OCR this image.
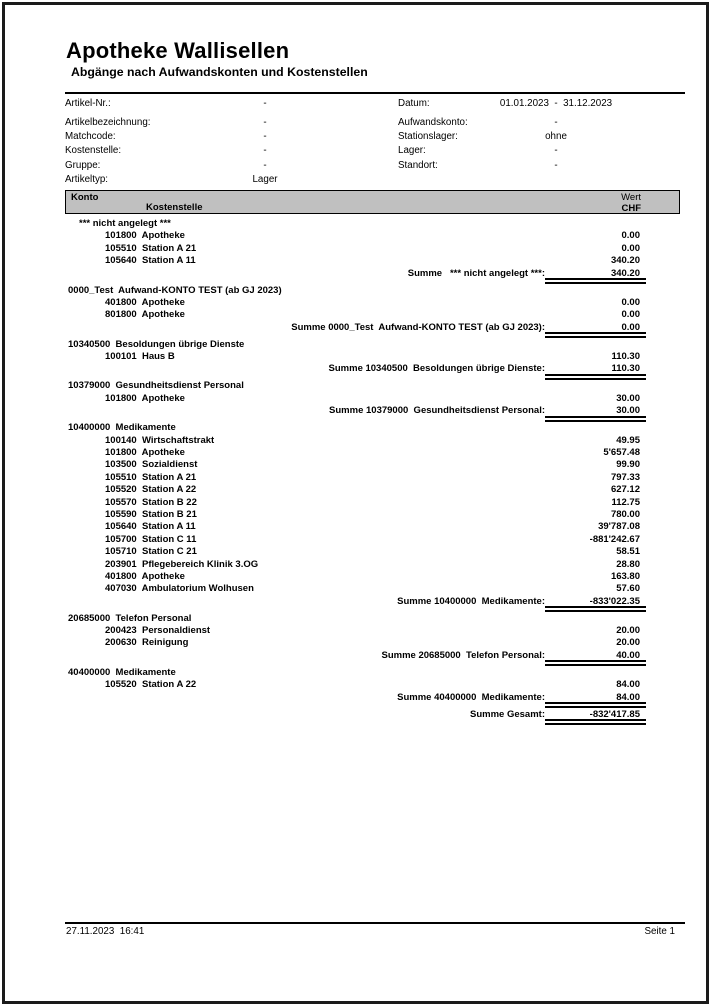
Apotheke Wallisellen
Abgänge nach Aufwandskonten und Kostenstellen
Artikel-Nr.:	-
Artikelbezeichnung:	-
Matchcode:	-
Kostenstelle:	-
Gruppe:	-
Artikeltyp:	Lager
Datum:	01.01.2023  -  31.12.2023
Aufwandskonto:	-
Stationslager:	ohne
Lager:	-
Standort:	-
Konto
Kostenstelle
Wert
CHF
*** nicht angelegt ***
101800  Apotheke	0.00
105510  Station A 21	0.00
105640  Station A 11	340.20
Summe   *** nicht angelegt ***:	340.20
0000_Test  Aufwand-KONTO TEST (ab GJ 2023)
401800  Apotheke	0.00
801800  Apotheke	0.00
Summe 0000_Test  Aufwand-KONTO TEST (ab GJ 2023):	0.00
10340500  Besoldungen übrige Dienste
100101  Haus B	110.30
Summe 10340500  Besoldungen übrige Dienste:	110.30
10379000  Gesundheitsdienst Personal
101800  Apotheke	30.00
Summe 10379000  Gesundheitsdienst Personal:	30.00
10400000  Medikamente
100140  Wirtschaftstrakt	49.95
101800  Apotheke	5'657.48
103500  Sozialdienst	99.90
105510  Station A 21	797.33
105520  Station A 22	627.12
105570  Station B 22	112.75
105590  Station B 21	780.00
105640  Station A 11	39'787.08
105700  Station C 11	-881'242.67
105710  Station C 21	58.51
203901  Pflegebereich Klinik 3.OG	28.80
401800  Apotheke	163.80
407030  Ambulatorium Wolhusen	57.60
Summe 10400000  Medikamente:	-833'022.35
20685000  Telefon Personal
200423  Personaldienst	20.00
200630  Reinigung	20.00
Summe 20685000  Telefon Personal:	40.00
40400000  Medikamente
105520  Station A 22	84.00
Summe 40400000  Medikamente:	84.00
Summe Gesamt:	-832'417.85
27.11.2023  16:41	Seite 1
